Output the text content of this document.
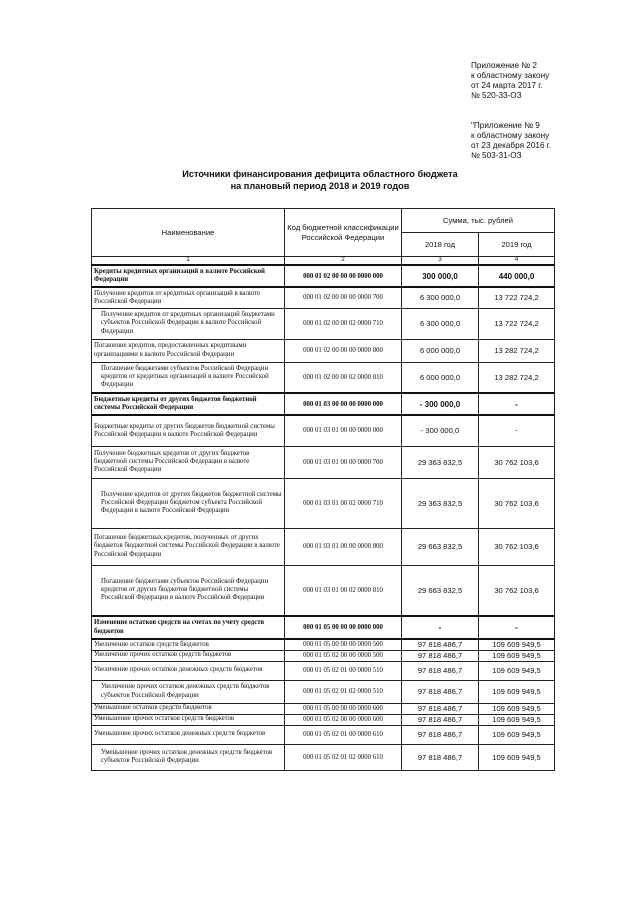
Приложение № 2
к областному закону
от 24 марта 2017 г.
№ 520-33-ОЗ
"Приложение № 9
к областному закону
от 23 декабря 2016 г.
№ 503-31-ОЗ
Источники финансирования дефицита областного бюджета
на плановый период 2018 и 2019 годов
Наименование	Код бюджетной классификации Российской Федерации	Сумма, тыс. рублей	
		2018 год	2019 год
1	2	3	4
Кредиты кредитных организаций в валюте Российской Федерации	000 01 02 00 00 00 0000 000	300 000,0	440 000,0
Получение кредитов от кредитных организаций в валюте Российской Федерации	000 01 02 00 00 00 0000 700	6 300 000,0	13 722 724,2
Получение кредитов от кредитных организаций бюджетами субъектов Российской Федерации в валюте Российской Федерации	000 01 02 00 00 02 0000 710	6 300 000,0	13 722 724,2
Погашение кредитов, предоставленных кредитными организациями в валюте Российской Федерации	000 01 02 00 00 00 0000 800	6 000 000,0	13 282 724,2
Погашение бюджетами субъектов Российской Федерации кредитов от кредитных организаций в валюте Российской Федерации	000 01 02 00 00 02 0000 810	6 000 000,0	13 282 724,2
Бюджетные кредиты от других бюджетов бюджетной системы Российской Федерации	000 01 03 00 00 00 0000 000	- 300 000,0	-
Бюджетные кредиты от других бюджетов бюджетной системы Российской Федерации в валюте Российской Федерации	000 01 03 01 00 00 0000 000	- 300 000,0	-
Получение бюджетных кредитов от других бюджетов бюджетной системы Российской Федерации в валюте Российской Федерации	000 01 03 01 00 00 0000 700	29 363 832,5	30 762 103,6
Получение кредитов от других бюджетов бюджетной системы Российской Федерации бюджетом субъекта Российской Федерации в валюте Российской Федерации	000 01 03 01 00 02 0000 710	29 363 832,5	30 762 103,6
Погашение бюджетных кредитов, полученных от других бюджетов бюджетной системы Российской Федерации в валюте Российской Федерации	000 01 03 01 00 00 0000 800	29 663 832,5	30 762 103,6
Погашение бюджетами субъектов Российской Федерации кредитов от других бюджетов бюджетной системы Российской Федерации в валюте Российской Федерации	000 01 03 01 00 02 0000 810	29 663 832,5	30 762 103,6
Изменение остатков средств на счетах по учету средств бюджетов	000 01 05 00 00 00 0000 000	-	-
Увеличение остатков средств бюджетов	000 01 05 00 00 00 0000 500	97 818 486,7	109 609 949,5
Увеличение прочих остатков средств бюджетов	000 01 05 02 00 00 0000 500	97 818 486,7	109 609 949,5
Увеличение прочих остатков денежных средств бюджетов	000 01 05 02 01 00 0000 510	97 818 486,7	109 609 949,5
Увеличение прочих остатков денежных средств бюджетов субъектов Российской Федерации	000 01 05 02 01 02 0000 510	97 818 486,7	109 609 949,5
Уменьшение остатков средств бюджетов	000 01 05 00 00 00 0000 600	97 818 486,7	109 609 949,5
Уменьшение прочих остатков средств бюджетов	000 01 05 02 00 00 0000 600	97 818 486,7	109 609 949,5
Уменьшение прочих остатков денежных средств бюджетов	000 01 05 02 01 00 0000 610	97 818 486,7	109 609 949,5
Уменьшение прочих остатков денежных средств бюджетов субъектов Российской Федерации	000 01 05 02 01 02 0000 610	97 818 486,7	109 609 949,5
